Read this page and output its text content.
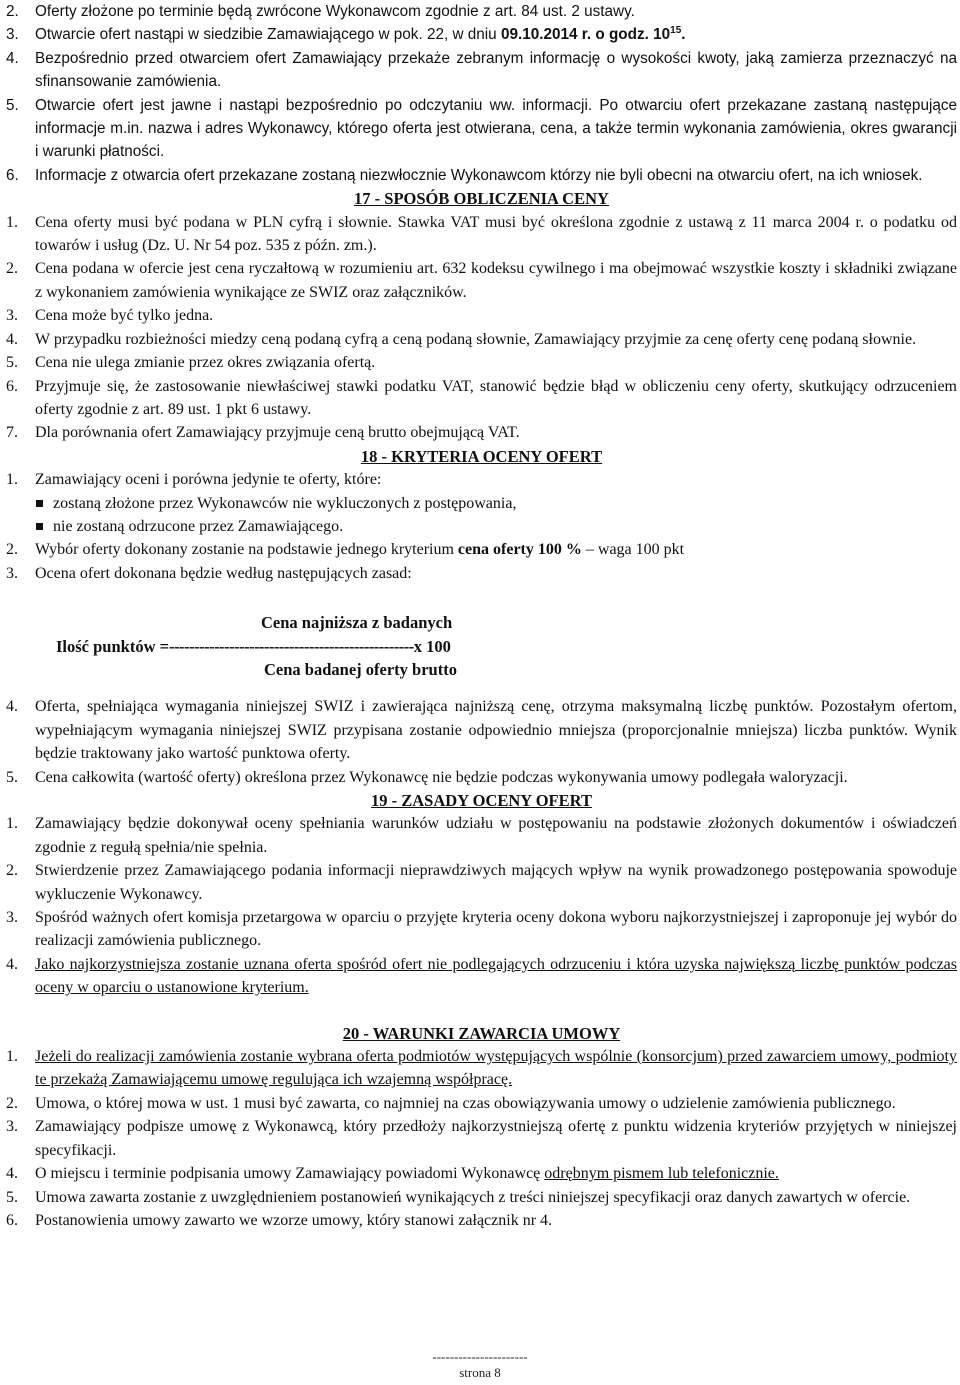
2.	Oferty złożone po terminie będą zwrócone Wykonawcom zgodnie z art. 84 ust. 2 ustawy.
3.	Otwarcie ofert nastąpi w siedzibie Zamawiającego w pok. 22, w dniu 09.10.2014 r. o godz. $10^{15}$.
4.	Bezpośrednio przed otwarciem ofert Zamawiający przekaże zebranym informację o wysokości kwoty, jaką zamierza przeznaczyć na sfinansowanie zamówienia.
5.	Otwarcie ofert jest jawne i nastąpi bezpośrednio po odczytaniu ww. informacji. Po otwarciu ofert przekazane zastaną następujące informacje m.in. nazwa i adres Wykonawcy, którego oferta jest otwierana, cena, a także termin wykonania zamówienia, okres gwarancji i warunki płatności.
6.	Informacje z otwarcia ofert przekazane zostaną niezwłocznie Wykonawcom którzy nie byli obecni na otwarciu ofert, na ich wniosek.
17 - SPOSÓB OBLICZENIA CENY
1.	Cena oferty musi być podana w PLN cyfrą i słownie. Stawka VAT musi być określona zgodnie z ustawą z 11 marca 2004 r. o podatku od towarów i usług (Dz. U. Nr 54 poz. 535 z późn. zm.).
2.	Cena podana w ofercie jest cena ryczałtową w rozumieniu art. 632 kodeksu cywilnego i ma obejmować wszystkie koszty i składniki związane z wykonaniem zamówienia wynikające ze SWIZ oraz załączników.
3.	Cena może być tylko jedna.
4.	W przypadku rozbieżności miedzy ceną podaną cyfrą a ceną podaną słownie, Zamawiający przyjmie za cenę oferty cenę podaną słownie.
5.	Cena nie ulega zmianie przez okres związania ofertą.
6.	Przyjmuje się, że zastosowanie niewłaściwej stawki podatku VAT, stanowić będzie błąd w obliczeniu ceny oferty, skutkujący odrzuceniem oferty zgodnie z art. 89 ust. 1 pkt 6 ustawy.
7.	Dla porównania ofert Zamawiający przyjmuje ceną brutto obejmującą VAT.
18 - KRYTERIA OCENY OFERT
1.	Zamawiający oceni i porówna jedynie te oferty, które:
zostaną złożone przez Wykonawców nie wykluczonych z postępowania,
nie zostaną odrzucone przez Zamawiającego.
2.	Wybór oferty dokonany zostanie na podstawie jednego kryterium cena oferty 100 % – waga 100 pkt
3.	Ocena ofert dokonana będzie według następujących zasad:
Cena najniższa z badanych
Ilość punktów = ------------------------------------------------- x 100
Cena badanej oferty brutto
4.	Oferta, spełniająca wymagania niniejszej SWIZ i zawierająca najniższą cenę, otrzyma maksymalną liczbę punktów. Pozostałym ofertom, wypełniającym wymagania niniejszej SWIZ przypisana zostanie odpowiednio mniejsza (proporcjonalnie mniejsza) liczba punktów. Wynik będzie traktowany jako wartość punktowa oferty.
5.	Cena całkowita (wartość oferty) określona przez Wykonawcę nie będzie podczas wykonywania umowy podlegała waloryzacji.
19 - ZASADY OCENY OFERT
1.	Zamawiający będzie dokonywał oceny spełniania warunków udziału w postępowaniu na podstawie złożonych dokumentów i oświadczeń zgodnie z regułą spełnia/nie spełnia.
2.	Stwierdzenie przez Zamawiającego podania informacji nieprawdziwych mających wpływ na wynik prowadzonego postępowania spowoduje wykluczenie Wykonawcy.
3.	Spośród ważnych ofert komisja przetargowa w oparciu o przyjęte kryteria oceny dokona wyboru najkorzystniejszej i zaproponuje jej wybór do realizacji zamówienia publicznego.
4.	Jako najkorzystniejsza zostanie uznana oferta spośród ofert nie podlegających odrzuceniu i która uzyska największą liczbę punktów podczas oceny w oparciu o ustanowione kryterium.
20 - WARUNKI ZAWARCIA UMOWY
1.	Jeżeli do realizacji zamówienia zostanie wybrana oferta podmiotów występujących wspólnie (konsorcjum) przed zawarciem umowy, podmioty te przekażą Zamawiającemu umowę regulująca ich wzajemną współpracę.
2.	Umowa, o której mowa w ust. 1 musi być zawarta, co najmniej na czas obowiązywania umowy o udzielenie zamówienia publicznego.
3.	Zamawiający podpisze umowę z Wykonawcą, który przedłoży najkorzystniejszą ofertę z punktu widzenia kryteriów przyjętych w niniejszej specyfikacji.
4.	O miejscu i terminie podpisania umowy Zamawiający powiadomi Wykonawcę odrębnym pismem lub telefonicznie.
5.	Umowa zawarta zostanie z uwzględnieniem postanowień wynikających z treści niniejszej specyfikacji oraz danych zawartych w ofercie.
6.	Postanowienia umowy zawarto we wzorze umowy, który stanowi załącznik nr 4.
----------------------
strona 8
